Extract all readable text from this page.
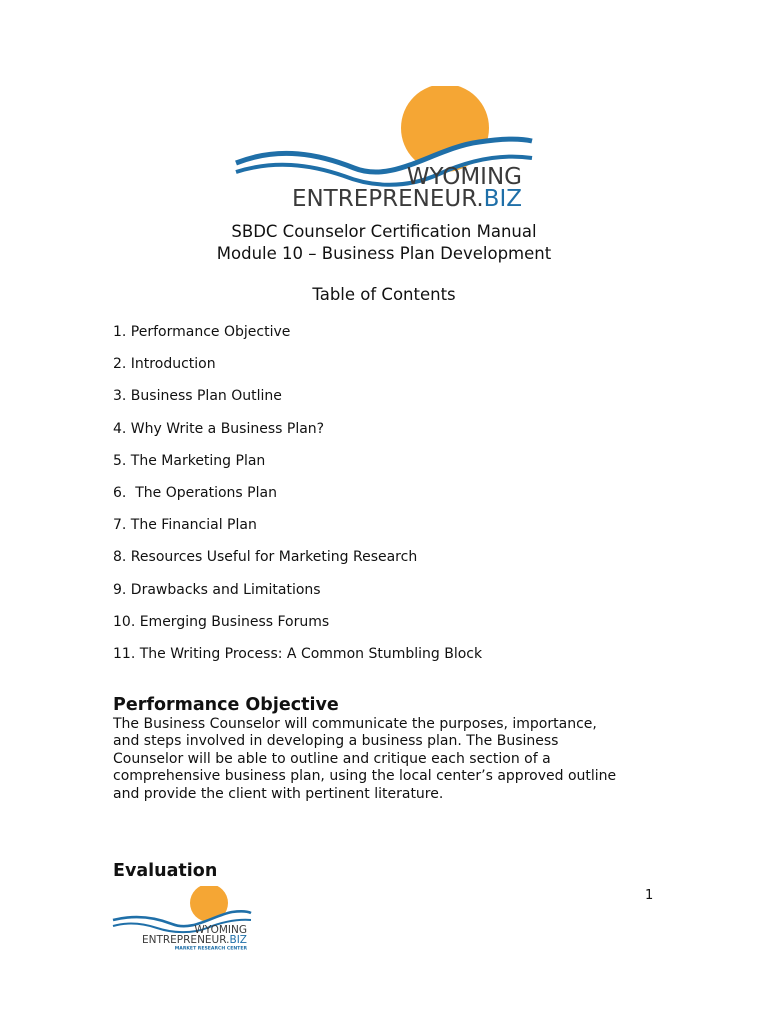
WYOMING
ENTREPRENEUR.BIZ
SBDC Counselor Certification Manual
Module 10 – Business Plan Development
Table of Contents
1. Performance Objective
2. Introduction
3. Business Plan Outline
4. Why Write a Business Plan?
5. The Marketing Plan
6.  The Operations Plan
7. The Financial Plan
8. Resources Useful for Marketing Research
9. Drawbacks and Limitations
10. Emerging Business Forums
11. The Writing Process: A Common Stumbling Block
Performance Objective
The Business Counselor will communicate the purposes, importance,
and steps involved in developing a business plan. The Business
Counselor will be able to outline and critique each section of a
comprehensive business plan, using the local center’s approved outline
and provide the client with pertinent literature.
Evaluation
1
WYOMING
ENTREPRENEUR.BIZ
MARKET RESEARCH CENTER
